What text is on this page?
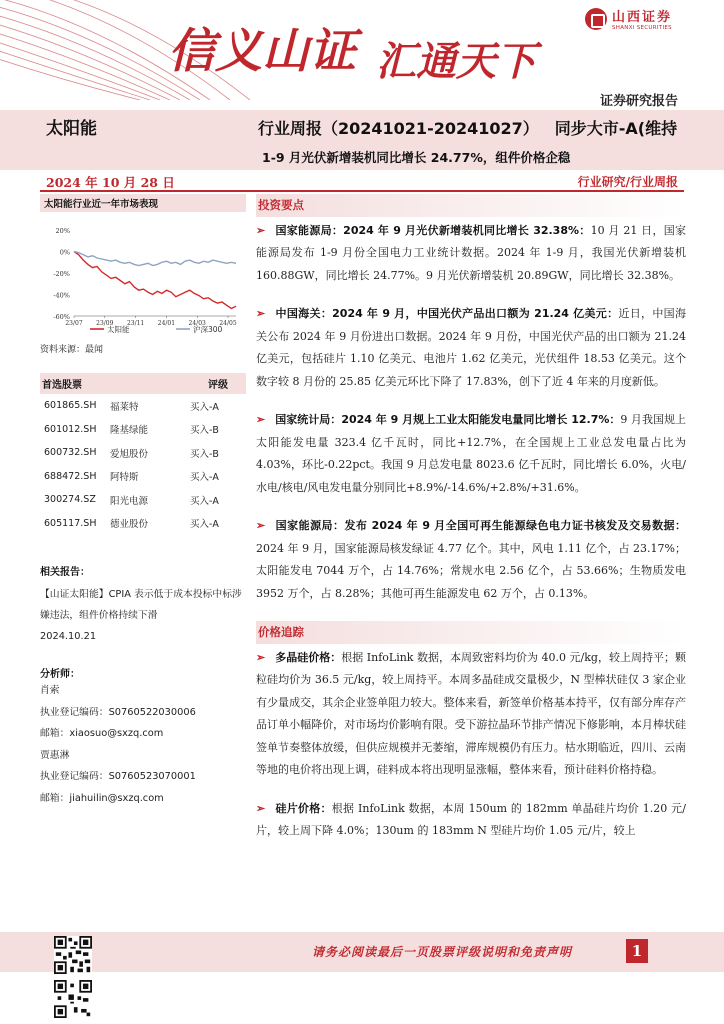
信义山证 汇通天下
山西证券
SHANXI SECURITIES
证券研究报告
太阳能	行业周报（20241021-20241027） 同步大市-A(维持
1-9 月光伏新增装机同比增长 24.77%，组件价格企稳
2024 年 10 月 28 日	行业研究/行业周报
太阳能行业近一年市场表现
20%
0%
-20%
-40%
-60%
23/07 23/09 23/11 24/01 24/03 24/05
太阳能	沪深300
资料来源：最闻
首选股票	评级
601865.SH	福莱特	买入-A
601012.SH	隆基绿能	买入-B
600732.SH	爱旭股份	买入-B
688472.SH	阿特斯	买入-A
300274.SZ	阳光电源	买入-A
605117.SH	德业股份	买入-A
相关报告：
【山证太阳能】CPIA 表示低于成本投标中标涉嫌违法，组件价格持续下滑
2024.10.21
分析师：
肖索
执业登记编码：S0760522030006
邮箱：xiaosuo@sxzq.com
贾惠淋
执业登记编码：S0760523070001
邮箱：jiahuilin@sxzq.com
投资要点
➢ 国家能源局：2024 年 9 月光伏新增装机同比增长 32.38%：10 月 21 日，国家能源局发布 1-9 月份全国电力工业统计数据。2024 年 1-9 月，我国光伏新增装机 160.88GW，同比增长 24.77%。9 月光伏新增装机 20.89GW，同比增长 32.38%。
➢ 中国海关：2024 年 9 月，中国光伏产品出口额为 21.24 亿美元：近日，中国海关公布 2024 年 9 月份进出口数据。2024 年 9 月份，中国光伏产品的出口额为 21.24 亿美元，包括硅片 1.10 亿美元、电池片 1.62 亿美元，光伏组件 18.53 亿美元。这个数字较 8 月份的 25.85 亿美元环比下降了 17.83%，创下了近 4 年来的月度新低。
➢ 国家统计局：2024 年 9 月规上工业太阳能发电量同比增长 12.7%：9 月我国规上太阳能发电量 323.4 亿千瓦时，同比+12.7%，在全国规上工业总发电量占比为 4.03%，环比-0.22pct。我国 9 月总发电量 8023.6 亿千瓦时，同比增长 6.0%，火电/水电/核电/风电发电量分别同比+8.9%/-14.6%/+2.8%/+31.6%。
➢ 国家能源局：发布 2024 年 9 月全国可再生能源绿色电力证书核发及交易数据：2024 年 9 月，国家能源局核发绿证 4.77 亿个。其中，风电 1.11 亿个，占 23.17%；太阳能发电 7044 万个，占 14.76%；常规水电 2.56 亿个，占 53.66%；生物质发电 3952 万个，占 8.28%；其他可再生能源发电 62 万个，占 0.13%。
价格追踪
➢ 多晶硅价格：根据 InfoLink 数据，本周致密料均价为 40.0 元/kg，较上周持平；颗粒硅均价为 36.5 元/kg，较上周持平。本周多晶硅成交量极少，N 型棒状硅仅 3 家企业有少量成交，其余企业签单阻力较大。整体来看，新签单价格基本持平，仅有部分库存产品订单小幅降价，对市场均价影响有限。受下游拉晶环节排产情况下修影响，本月棒状硅签单节奏整体放缓，但供应规模并无萎缩，滞库规模仍有压力。枯水期临近，四川、云南等地的电价将出现上调，硅料成本将出现明显涨幅，整体来看，预计硅料价格持稳。
➢ 硅片价格：根据 InfoLink 数据，本周 150um 的 182mm 单晶硅片均价 1.20 元/片，较上周下降 4.0%；130um 的 183mm N 型硅片均价 1.05 元/片，较上
请务必阅读最后一页股票评级说明和免责声明	1
